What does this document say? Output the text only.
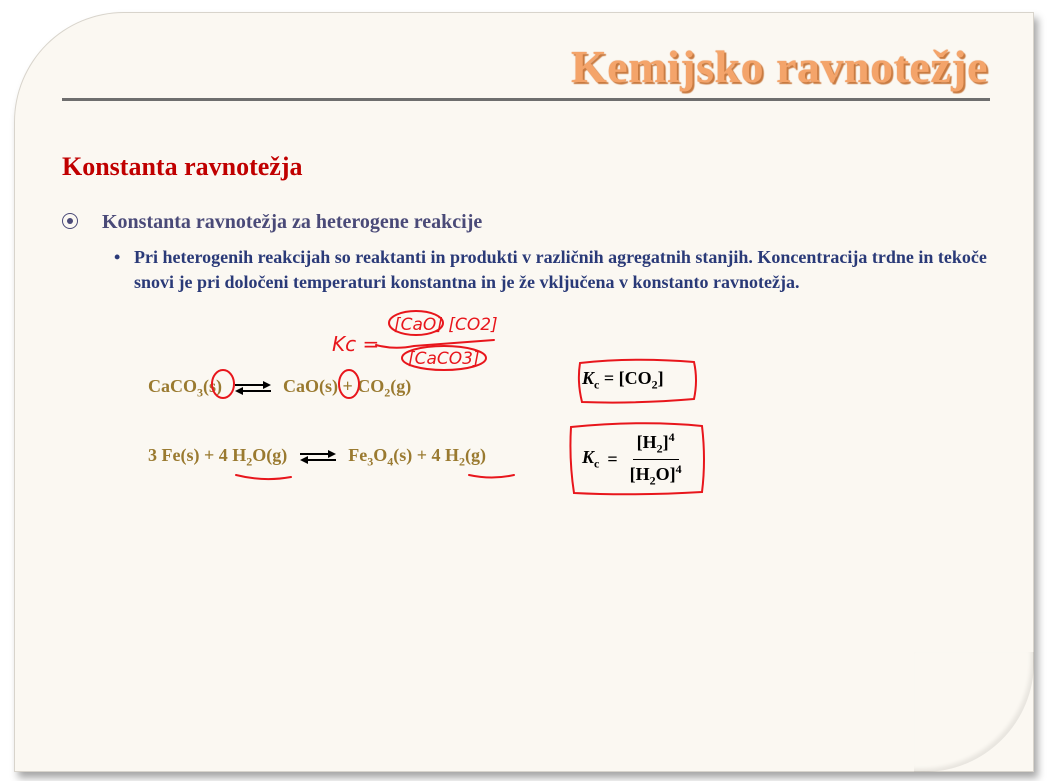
Kemijsko ravnotežje
Konstanta ravnotežja
Konstanta ravnotežja za heterogene reakcije
• Pri heterogenih reakcijah so reaktanti in produkti v različnih agregatnih stanjih. Koncentracija trdne in tekoče snovi je pri določeni temperaturi konstantna in je že vključena v konstanto ravnotežja.
CaCO$_3$(s) ⇌ $CaO(s) + CO_2(g)$	$K_c = [CO_2]$
3 Fe(s) + 4 $H_2O(g)$ ⇌ $Fe_3O_4(s) + 4$ $H_2(g)$	$K_c = \frac{[H_2]^4}{[H_2O]^4}$
Kc =
[CaO] [CO2]
[CaCO3]
